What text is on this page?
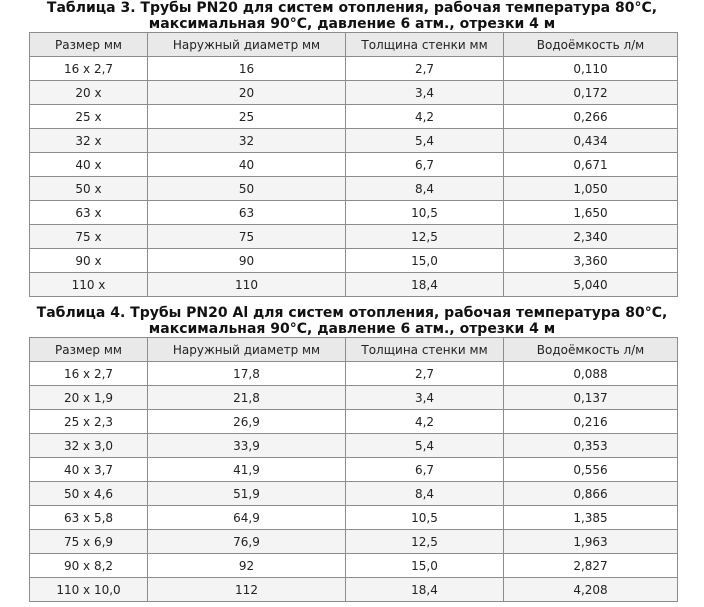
Таблица 3. Трубы PN20 для систем отопления, рабочая температура 80°С, максимальная 90°С, давление 6 атм., отрезки 4 м

Размер мм	Наружный диаметр мм	Толщина стенки мм	Водоёмкость л/м
16 x 2,7	16	2,7	0,110
20 x	20	3,4	0,172
25 x	25	4,2	0,266
32 x	32	5,4	0,434
40 x	40	6,7	0,671
50 x	50	8,4	1,050
63 x	63	10,5	1,650
75 x	75	12,5	2,340
90 x	90	15,0	3,360
110 x	110	18,4	5,040

Таблица 4. Трубы PN20 Al для систем отопления, рабочая температура 80°С, максимальная 90°С, давление 6 атм., отрезки 4 м

Размер мм	Наружный диаметр мм	Толщина стенки мм	Водоёмкость л/м
16 x 2,7	17,8	2,7	0,088
20 x 1,9	21,8	3,4	0,137
25 x 2,3	26,9	4,2	0,216
32 x 3,0	33,9	5,4	0,353
40 x 3,7	41,9	6,7	0,556
50 x 4,6	51,9	8,4	0,866
63 x 5,8	64,9	10,5	1,385
75 x 6,9	76,9	12,5	1,963
90 x 8,2	92	15,0	2,827
110 x 10,0	112	18,4	4,208
